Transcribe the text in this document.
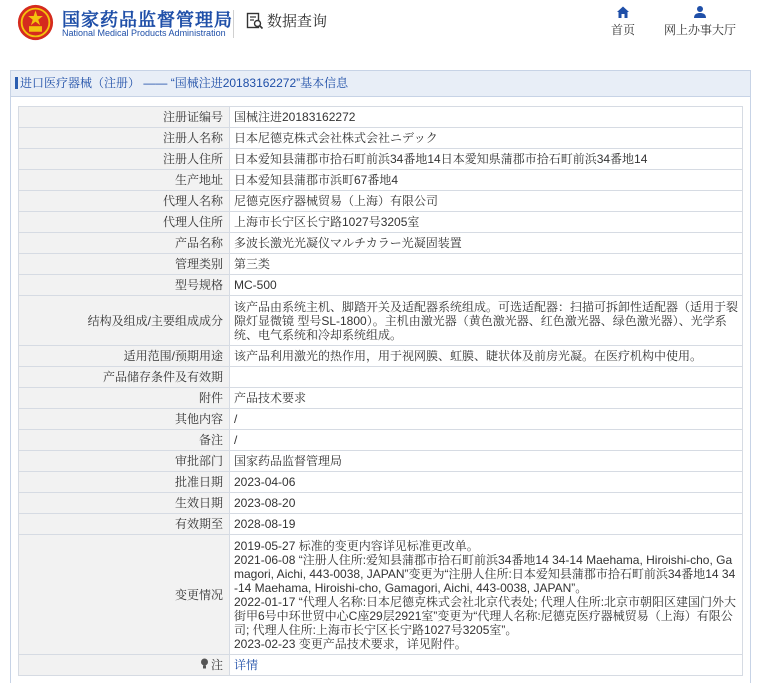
国家药品监督管理局
National Medical Products Administration
数据查询	首页	网上办事大厅
进口医疗器械（注册） —— “国械注进20183162272”基本信息
注册证编号	国械注进20183162272
注册人名称	日本尼德克株式会社株式会社ニデック
注册人住所	日本爱知县蒲郡市拾石町前浜34番地14日本愛知県蒲郡市拾石町前浜34番地14
生产地址	日本爱知县蒲郡市浜町67番地4
代理人名称	尼德克医疗器械贸易（上海）有限公司
代理人住所	上海市长宁区长宁路1027号3205室
产品名称	多波长激光光凝仪マルチカラー光凝固装置
管理类别	第三类
型号规格	MC-500
结构及组成/主要组成成分	该产品由系统主机、脚踏开关及适配器系统组成。可选适配器：扫描可拆卸性适配器（适用于裂隙灯显微镜 型号SL-1800）。主机由激光器（黄色激光器、红色激光器、绿色激光器）、光学系统、电气系统和冷却系统组成。
适用范围/预期用途	该产品利用激光的热作用，用于视网膜、虹膜、睫状体及前房光凝。在医疗机构中使用。
产品储存条件及有效期	
附件	产品技术要求
其他内容	/
备注	/
审批部门	国家药品监督管理局
批准日期	2023-04-06
生效日期	2023-08-20
有效期至	2028-08-19
变更情况	2019-05-27 标准的变更内容详见标准更改单。
2021-06-08 “注册人住所:爱知县蒲郡市拾石町前浜34番地14 34-14 Maehama, Hiroishi-cho, Gamagori, Aichi, 443-0038, JAPAN”变更为“注册人住所:日本爱知县蒲郡市拾石町前浜34番地14 34-14 Maehama, Hiroishi-cho, Gamagori, Aichi, 443-0038, JAPAN”。
2022-01-17 “代理人名称:日本尼德克株式会社北京代表处; 代理人住所:北京市朝阳区建国门外大街甲6号中环世贸中心C座29层2921室”变更为“代理人名称:尼德克医疗器械贸易（上海）有限公司; 代理人住所:上海市长宁区长宁路1027号3205室”。
2023-02-23 变更产品技术要求，详见附件。

注	详情
